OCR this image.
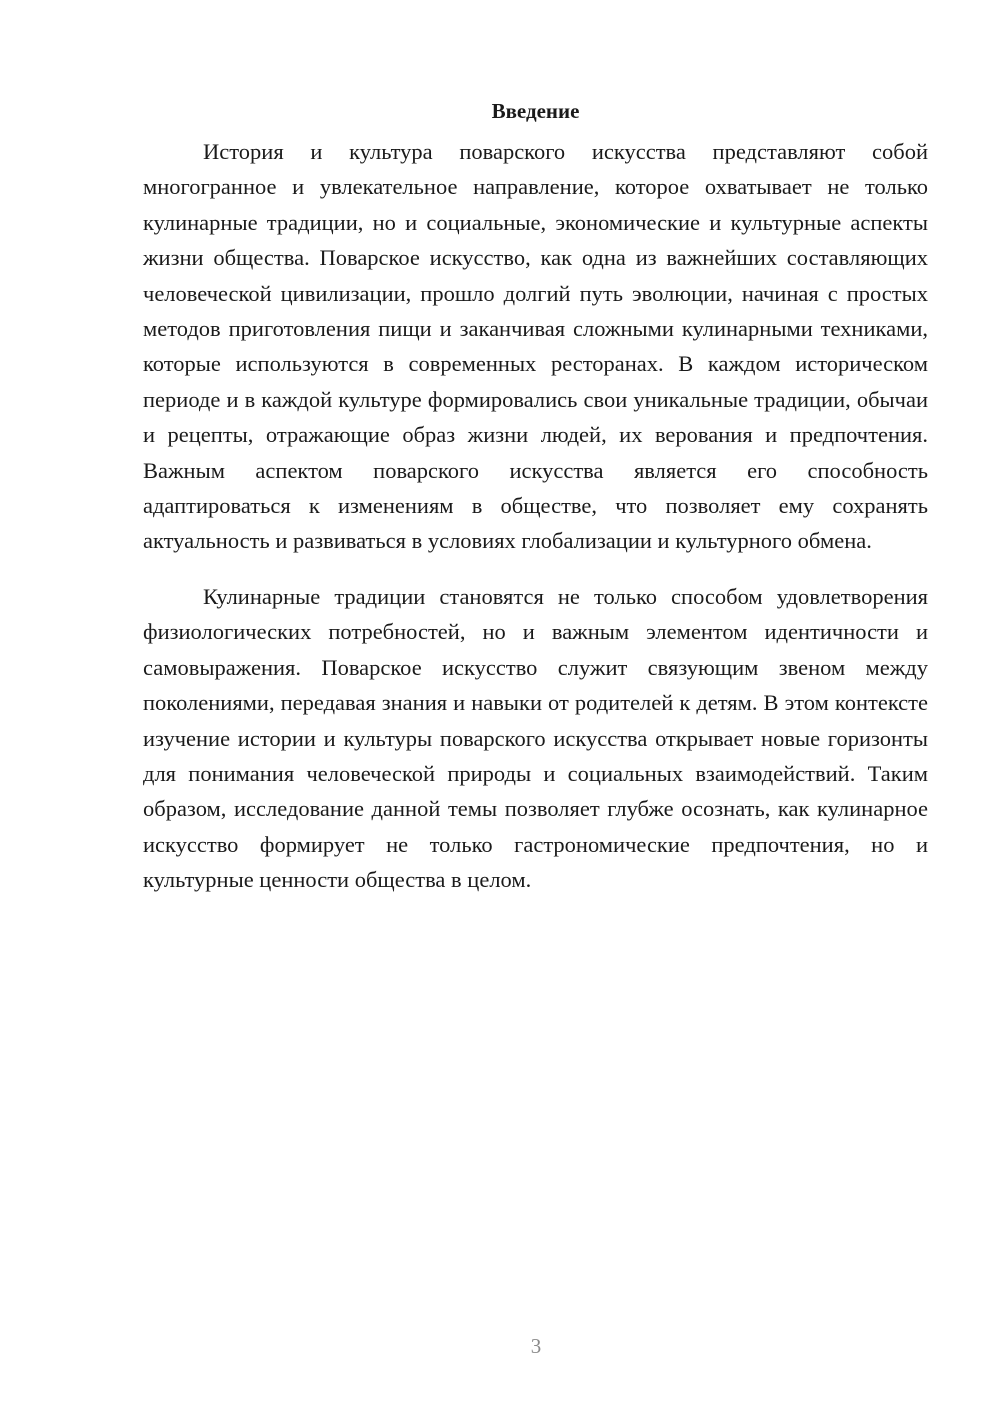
Введение

История и культура поварского искусства представляют собой многогранное и увлекательное направление, которое охватывает не только кулинарные традиции, но и социальные, экономические и культурные аспекты жизни общества. Поварское искусство, как одна из важнейших составляющих человеческой цивилизации, прошло долгий путь эволюции, начиная с простых методов приготовления пищи и заканчивая сложными кулинарными техниками, которые используются в современных ресторанах. В каждом историческом периоде и в каждой культуре формировались свои уникальные традиции, обычаи и рецепты, отражающие образ жизни людей, их верования и предпочтения. Важным аспектом поварского искусства является его способность адаптироваться к изменениям в обществе, что позволяет ему сохранять актуальность и развиваться в условиях глобализации и культурного обмена.

Кулинарные традиции становятся не только способом удовлетворения физиологических потребностей, но и важным элементом идентичности и самовыражения. Поварское искусство служит связующим звеном между поколениями, передавая знания и навыки от родителей к детям. В этом контексте изучение истории и культуры поварского искусства открывает новые горизонты для понимания человеческой природы и социальных взаимодействий. Таким образом, исследование данной темы позволяет глубже осознать, как кулинарное искусство формирует не только гастрономические предпочтения, но и культурные ценности общества в целом.

3
